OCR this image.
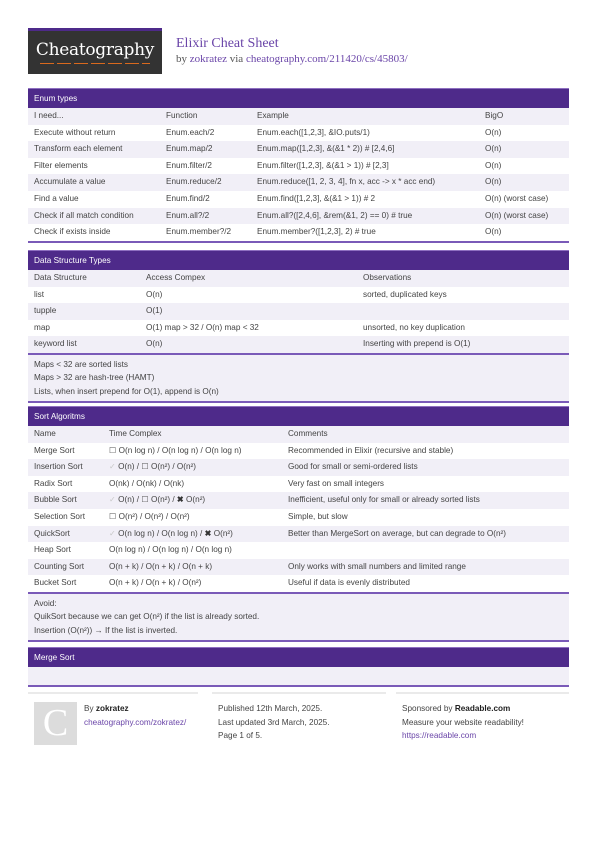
Cheatography	Elixir Cheat Sheet
by zokratez via cheatography.com/211420/cs/45803/
Enum types
I need...	Function	Example	BigO
Execute without return	Enum.each/2	Enum.each([1,2,3], &IO.puts/1)	O(n)
Transform each element	Enum.map/2	Enum.map([1,2,3], &(&1 * 2)) # [2,4,6]	O(n)
Filter elements	Enum.filter/2	Enum.filter([1,2,3], &(&1 > 1)) # [2,3]	O(n)
Accumulate a value	Enum.reduce/2	Enum.reduce([1, 2, 3, 4], fn x, acc -> x * acc end)	O(n)
Find a value	Enum.find/2	Enum.find([1,2,3], &(&1 > 1)) # 2	O(n) (worst case)
Check if all match condition	Enum.all?/2	Enum.all?([2,4,6], &rem(&1, 2) == 0) # true	O(n) (worst case)
Check if exists inside	Enum.member?/2	Enum.member?([1,2,3], 2) # true	O(n)
Data Structure Types
Data Structure	Access Compex	Observations
list	O(n)	sorted, duplicated keys
tupple	O(1)
map	O(1) map > 32 / O(n) map < 32	unsorted, no key duplication
keyword list	O(n)	Inserting with prepend is O(1)
Maps < 32 are sorted lists
Maps > 32 are hash-tree (HAMT)
Lists, when insert prepend for O(1), append is O(n)
Sort Algoritms
Name	Time Complex	Comments
Merge Sort	☐ O(n log n) / O(n log n) / O(n log n)	Recommended in Elixir (recursive and stable)
Insertion Sort	✓ O(n) / ☐ O(n²) / O(n²)	Good for small or semi-ordered lists
Radix Sort	O(nk) / O(nk) / O(nk)	Very fast on small integers
Bubble Sort	✓ O(n) / ☐ O(n²) / ✖ O(n²)	Inefficient, useful only for small or already sorted lists
Selection Sort	☐ O(n²) / O(n²) / O(n²)	Simple, but slow
QuickSort	✓ O(n log n) / O(n log n) / ✖ O(n²)	Better than MergeSort on average, but can degrade to O(n²)
Heap Sort	O(n log n) / O(n log n) / O(n log n)
Counting Sort	O(n + k) / O(n + k) / O(n + k)	Only works with small numbers and limited range
Bucket Sort	O(n + k) / O(n + k) / O(n²)	Useful if data is evenly distributed
Avoid:
QuikSort because we can get O(n²) if the list is already sorted.
Insertion (O(n²)) → If the list is inverted.
Merge Sort
C	By zokratez
cheatography.com/zokratez/
Published 12th March, 2025.
Last updated 3rd March, 2025.
Page 1 of 5.
Sponsored by Readable.com
Measure your website readability!
https://readable.com
